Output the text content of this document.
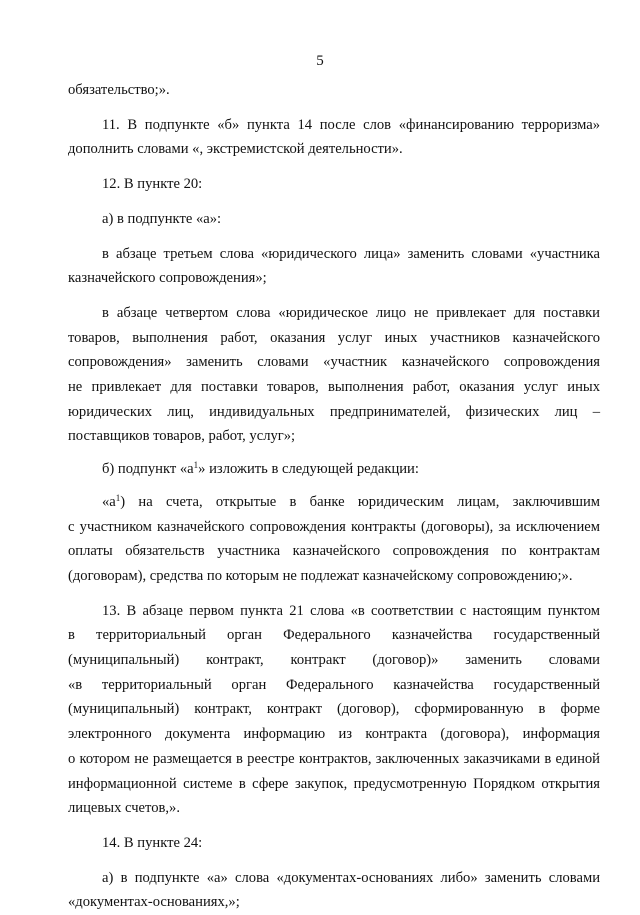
5
обязательство;».
11. В подпункте «б» пункта 14 после слов «финансированию терроризма»
дополнить словами «, экстремистской деятельности».
12. В пункте 20:
а) в подпункте «а»:
в абзаце третьем слова «юридического лица» заменить словами «участника
казначейского сопровождения»;
в абзаце четвертом слова «юридическое лицо не привлекает для поставки
товаров, выполнения работ, оказания услуг иных участников казначейского
сопровождения» заменить словами «участник казначейского сопровождения
не привлекает для поставки товаров, выполнения работ, оказания услуг иных
юридических лиц, индивидуальных предпринимателей, физических лиц –
поставщиков товаров, работ, услуг»;
б) подпункт «$а^1$» изложить в следующей редакции:
«$а^1$) на счета, открытые в банке юридическим лицам, заключившим
с участником казначейского сопровождения контракты (договоры), за исключением
оплаты обязательств участника казначейского сопровождения по контрактам
(договорам), средства по которым не подлежат казначейскому сопровождению;».
13. В абзаце первом пункта 21 слова «в соответствии с настоящим пунктом
в территориальный орган Федерального казначейства государственный
(муниципальный) контракт, контракт (договор)» заменить словами
«в территориальный орган Федерального казначейства государственный
(муниципальный) контракт, контракт (договор), сформированную в форме
электронного документа информацию из контракта (договора), информация
о котором не размещается в реестре контрактов, заключенных заказчиками в единой
информационной системе в сфере закупок, предусмотренную Порядком открытия
лицевых счетов,».
14. В пункте 24:
а) в подпункте «а» слова «документах-основаниях либо» заменить словами
«документах-основаниях,»;
